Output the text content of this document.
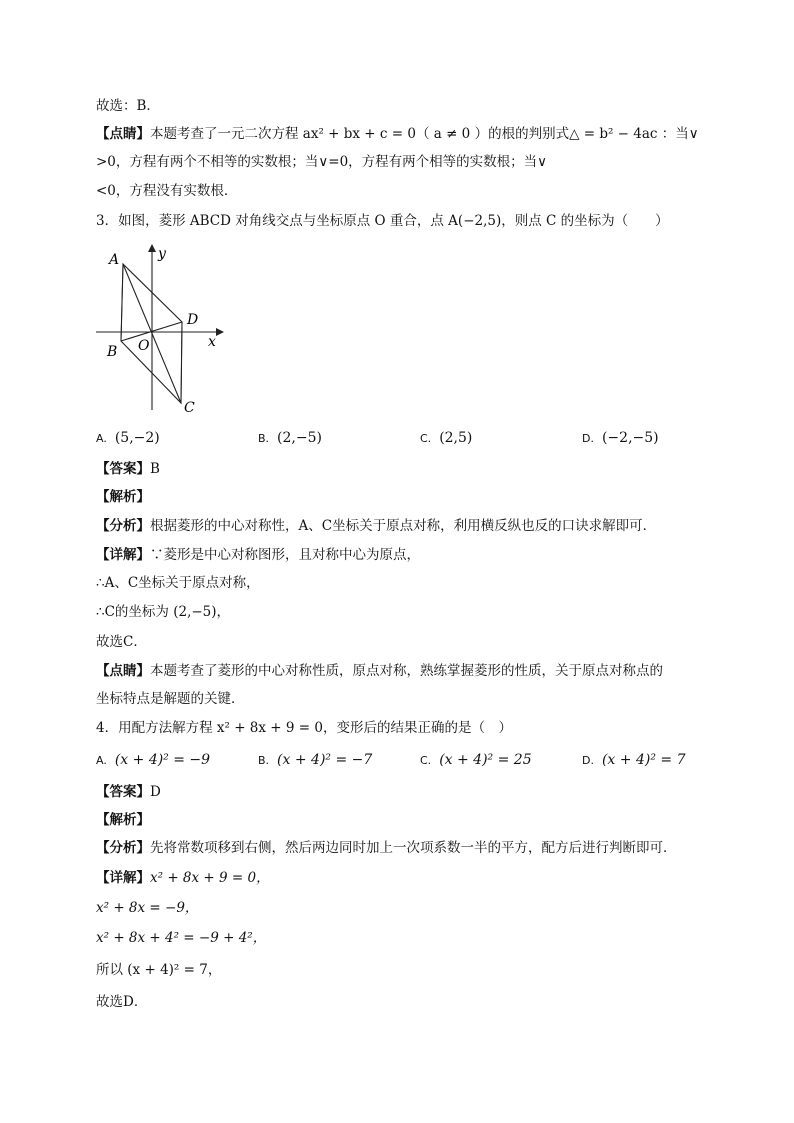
故选：B．
【点睛】本题考查了一元二次方程 ax² + bx + c = 0（ a ≠ 0 ）的根的判别式△ = b² − 4ac ：当∨
>0，方程有两个不相等的实数根；当∨=0，方程有两个相等的实数根；当∨
<0，方程没有实数根．
3．如图，菱形 ABCD 对角线交点与坐标原点 O 重合，点 A(−2,5)，则点 C 的坐标为（　　）
A
B
C
D
O	x
y
A. (5,−2)	B. (2,−5)	C. (2,5)	D. (−2,−5)
【答案】B
【解析】
【分析】根据菱形的中心对称性，A、C坐标关于原点对称，利用横反纵也反的口诀求解即可．
【详解】∵菱形是中心对称图形，且对称中心为原点，
∴A、C坐标关于原点对称，
∴C的坐标为 (2,−5)，
故选C．
【点睛】本题考查了菱形的中心对称性质，原点对称，熟练掌握菱形的性质，关于原点对称点的
坐标特点是解题的关键．
4．用配方法解方程 x² + 8x + 9 = 0，变形后的结果正确的是（　）
A. (x + 4)² = −9	B. (x + 4)² = −7	C. (x + 4)² = 25	D. (x + 4)² = 7
【答案】D
【解析】
【分析】先将常数项移到右侧，然后两边同时加上一次项系数一半的平方，配方后进行判断即可．
【详解】x² + 8x + 9 = 0，
x² + 8x = −9，
x² + 8x + 4² = −9 + 4²，
所以 (x + 4)² = 7，
故选D．
